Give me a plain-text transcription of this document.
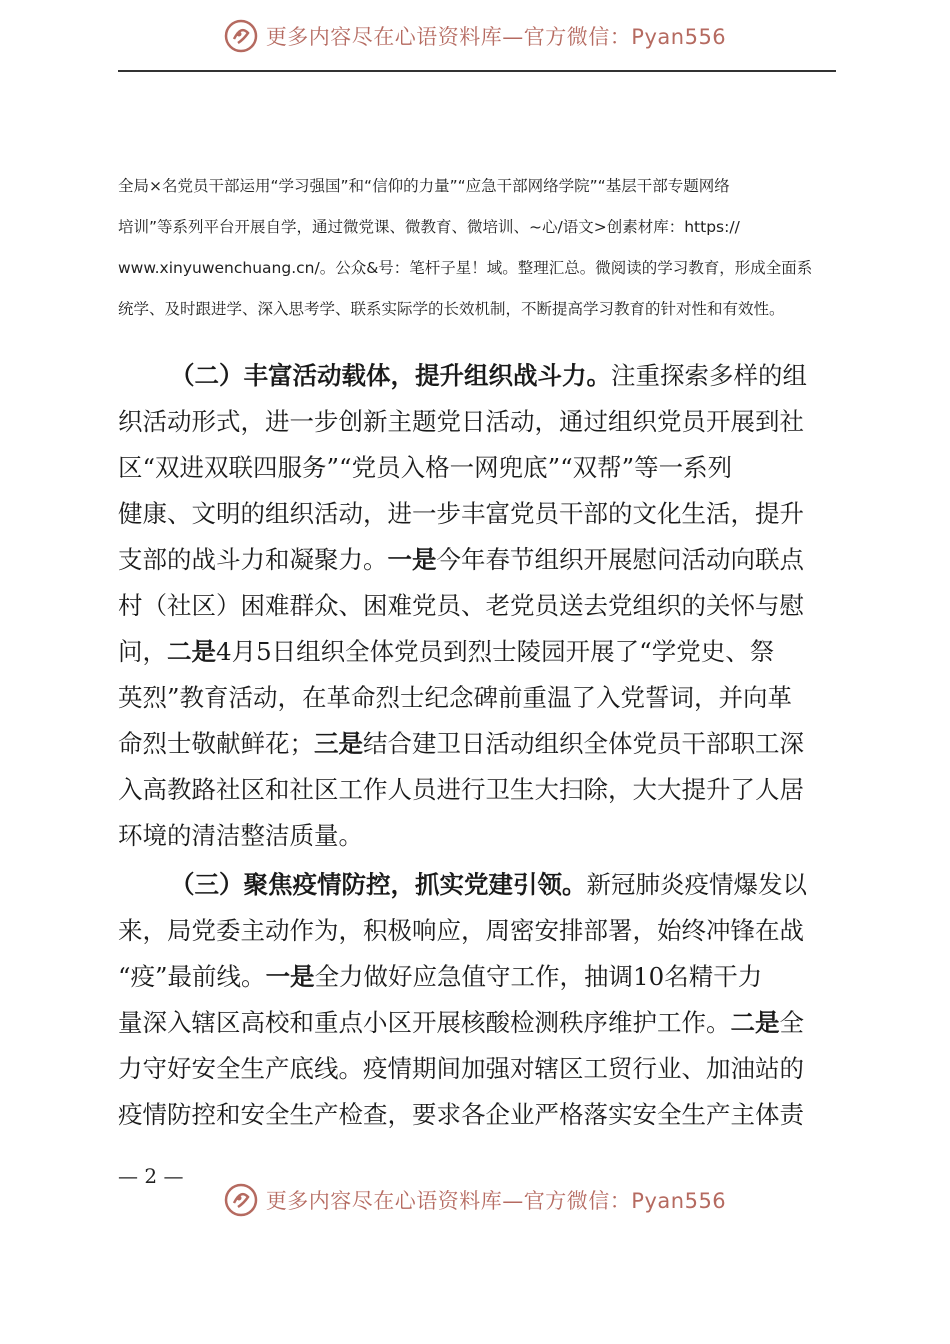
更多内容尽在心语资料库—官方微信：Pyan556

全局×名党员干部运用“学习强国”和“信仰的力量”“应急干部网络学院”“基层干部专题网络

培训”等系列平台开展自学，通过微党课、微教育、微培训、~心/语文>创素材库：https://

www.xinyuwenchuang.cn/。公众&号：笔杆子星！域。整理汇总。微阅读的学习教育，形成全面系

统学、及时跟进学、深入思考学、联系实际学的长效机制，不断提高学习教育的针对性和有效性。

（二）丰富活动载体，提升组织战斗力。注重探索多样的组

织活动形式，进一步创新主题党日活动，通过组织党员开展到社

区“双进双联四服务”“党员入格一网兜底”“双帮”等一系列

健康、文明的组织活动，进一步丰富党员干部的文化生活，提升

支部的战斗力和凝聚力。一是今年春节组织开展慰问活动向联点

村（社区）困难群众、困难党员、老党员送去党组织的关怀与慰

问，二是4月5日组织全体党员到烈士陵园开展了“学党史、祭

英烈”教育活动，在革命烈士纪念碑前重温了入党誓词，并向革

命烈士敬献鲜花；三是结合建卫日活动组织全体党员干部职工深

入高教路社区和社区工作人员进行卫生大扫除，大大提升了人居

环境的清洁整洁质量。

（三）聚焦疫情防控，抓实党建引领。新冠肺炎疫情爆发以

来，局党委主动作为，积极响应，周密安排部署，始终冲锋在战

“疫”最前线。一是全力做好应急值守工作，抽调10名精干力

量深入辖区高校和重点小区开展核酸检测秩序维护工作。二是全

力守好安全生产底线。疫情期间加强对辖区工贸行业、加油站的

疫情防控和安全生产检查，要求各企业严格落实安全生产主体责

— 2 —
更多内容尽在心语资料库—官方微信：Pyan556
